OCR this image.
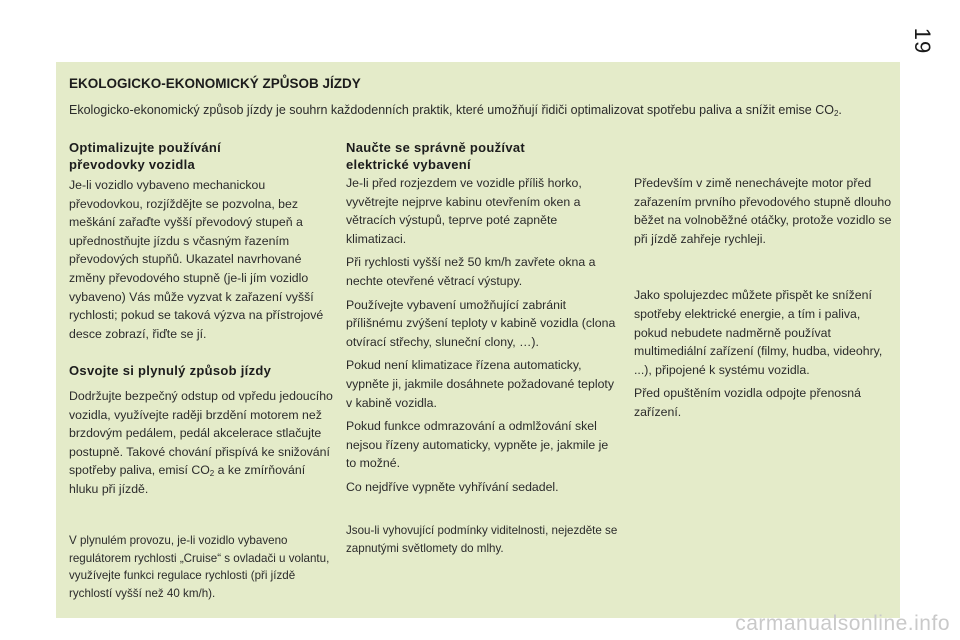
19
EKOLOGICKO-EKONOMICKÝ ZPŮSOB JÍZDY
Ekologicko-ekonomický způsob jízdy je souhrn každodenních praktik, které umožňují řidiči optimalizovat spotřebu paliva a snížit emise $CO_2$.
Optimalizujte používání
převodovky vozidla

Je-li vozidlo vybaveno mechanickou převodovkou, rozjíždějte se pozvolna, bez meškání zařaďte vyšší převodový stupeň a upřednostňujte jízdu s včasným řazením převodových stupňů. Ukazatel navrhované změny převodového stupně (je-li jím vozidlo vybaveno) Vás může vyzvat k zařazení vyšší rychlosti; pokud se taková výzva na přístrojové desce zobrazí, řiďte se jí.

Osvojte si plynulý způsob jízdy

Dodržujte bezpečný odstup od vpředu jedoucího vozidla, využívejte raději brzdění motorem než brzdovým pedálem, pedál akcelerace stlačujte postupně. Takové chování přispívá ke snižování spotřeby paliva, emisí $CO_2$ a ke zmírňování hluku při jízdě.

V plynulém provozu, je-li vozidlo vybaveno regulátorem rychlosti „Cruise“ s ovladači u volantu, využívejte funkci regulace rychlosti (při jízdě rychlostí vyšší než 40 km/h).

Naučte se správně používat
elektrické vybavení

Je-li před rozjezdem ve vozidle příliš horko, vyvětrejte nejprve kabinu otevřením oken a větracích výstupů, teprve poté zapněte klimatizaci.

Při rychlosti vyšší než 50 km/h zavřete okna a nechte otevřené větrací výstupy.

Používejte vybavení umožňující zabránit přílišnému zvýšení teploty v kabině vozidla (clona otvírací střechy, sluneční clony, …).

Pokud není klimatizace řízena automaticky, vypněte ji, jakmile dosáhnete požadované teploty v kabině vozidla.

Pokud funkce odmrazování a odmlžování skel nejsou řízeny automaticky, vypněte je, jakmile je to možné.

Co nejdříve vypněte vyhřívání sedadel.

Jsou-li vyhovující podmínky viditelnosti, nejezděte se zapnutými světlomety do mlhy.

Především v zimě nenechávejte motor před zařazením prvního převodového stupně dlouho běžet na volnoběžné otáčky, protože vozidlo se při jízdě zahřeje rychleji.

Jako spolujezdec můžete přispět ke snížení spotřeby elektrické energie, a tím i paliva, pokud nebudete nadměrně používat multimediální zařízení (filmy, hudba, videohry, ...), připojené k systému vozidla.

Před opuštěním vozidla odpojte přenosná zařízení.

carmanualsonline.info
